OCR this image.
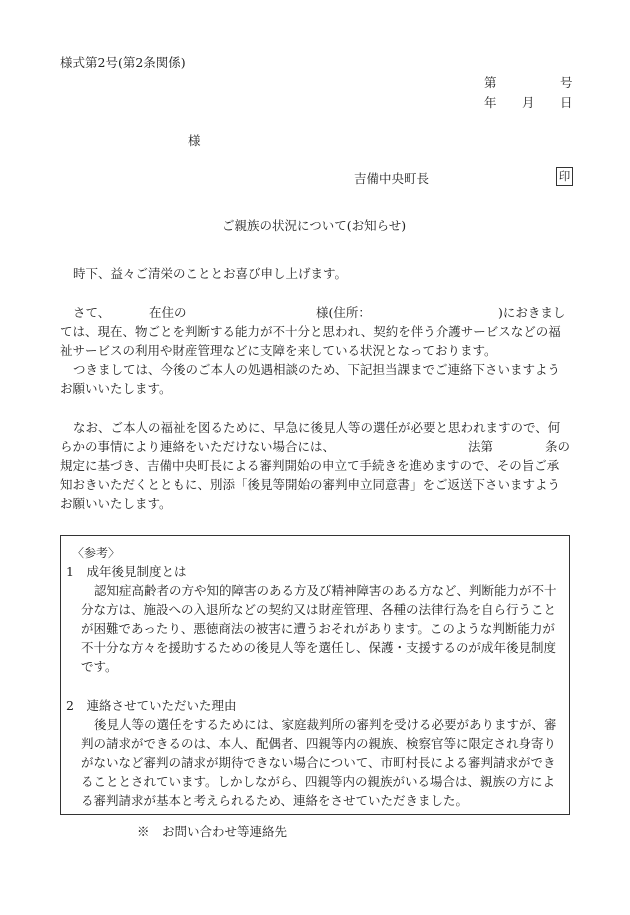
様式第2号(第2条関係)
第	号
年 月 日
様
吉備中央町長	印
ご親族の状況について(お知らせ)
時下、益々ご清栄のこととお喜び申し上げます。
さて、	在住の	様(住所：	)におきまし
ては、現在、物ごとを判断する能力が不十分と思われ、契約を伴う介護サービスなどの福
祉サービスの利用や財産管理などに支障を来している状況となっております。
つきましては、今後のご本人の処遇相談のため、下記担当課までご連絡下さいますよう
お願いいたします。
なお、ご本人の福祉を図るために、早急に後見人等の選任が必要と思われますので、何
らかの事情により連絡をいただけない場合には、	法第	条の
規定に基づき、吉備中央町長による審判開始の申立て手続きを進めますので、その旨ご承
知おきいただくとともに、別添「後見等開始の審判申立同意書」をご返送下さいますよう
お願いいたします。
〈参考〉
1　成年後見制度とは
認知症高齢者の方や知的障害のある方及び精神障害のある方など、判断能力が不十
分な方は、施設への入退所などの契約又は財産管理、各種の法律行為を自ら行うこと
が困難であったり、悪徳商法の被害に遭うおそれがあります。このような判断能力が
不十分な方々を援助するための後見人等を選任し、保護・支援するのが成年後見制度
です。
2　連絡させていただいた理由
後見人等の選任をするためには、家庭裁判所の審判を受ける必要がありますが、審
判の請求ができるのは、本人、配偶者、四親等内の親族、検察官等に限定され身寄り
がないなど審判の請求が期待できない場合について、市町村長による審判請求ができ
ることとされています。しかしながら、四親等内の親族がいる場合は、親族の方によ
る審判請求が基本と考えられるため、連絡をさせていただきました。
※　お問い合わせ等連絡先
